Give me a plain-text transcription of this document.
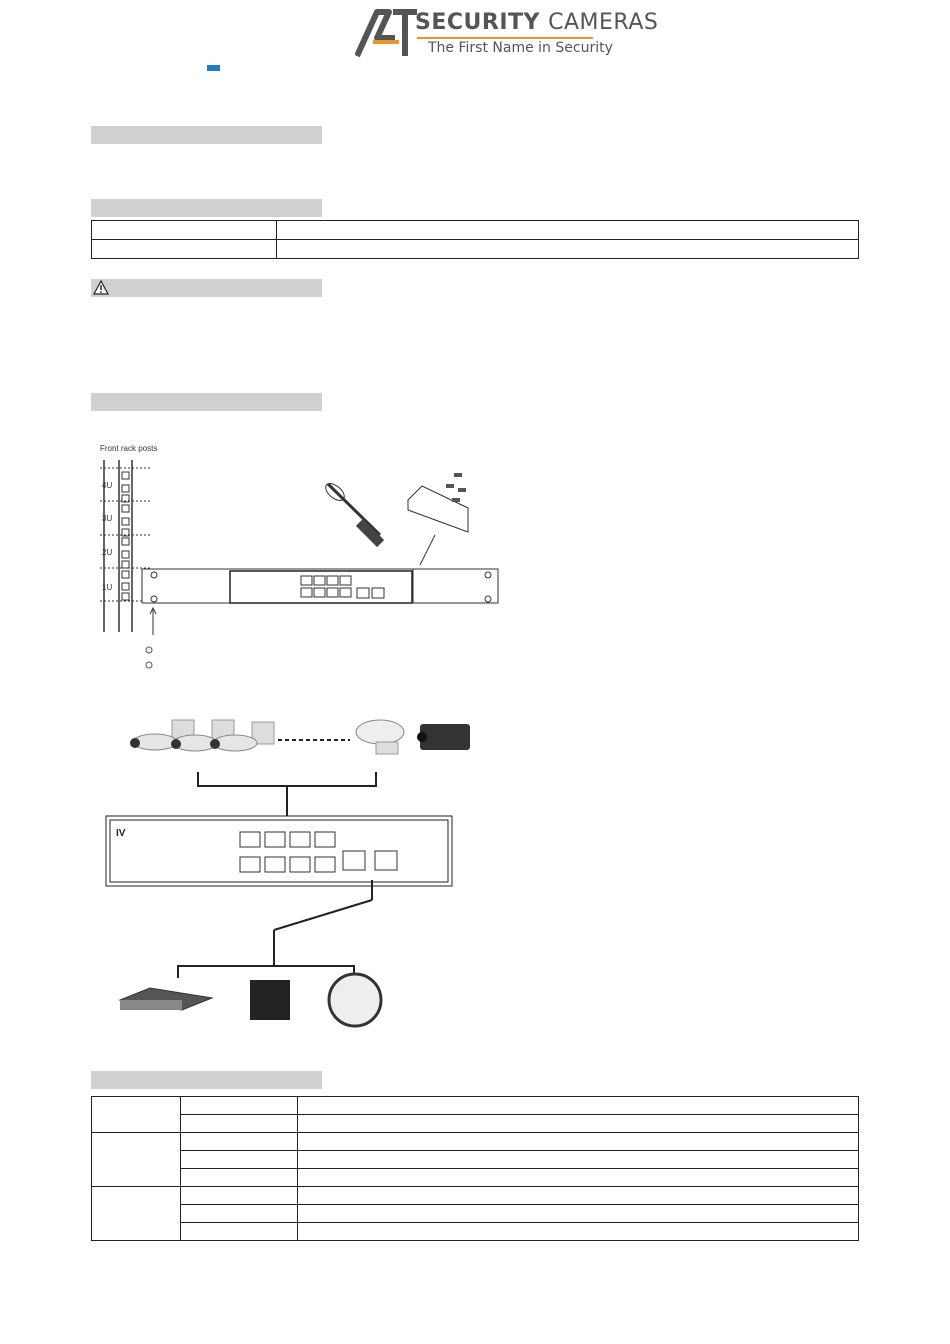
SECURITY CAMERAS
The First Name in Security

4U
3U
2U
1U
Front rack posts
IV
